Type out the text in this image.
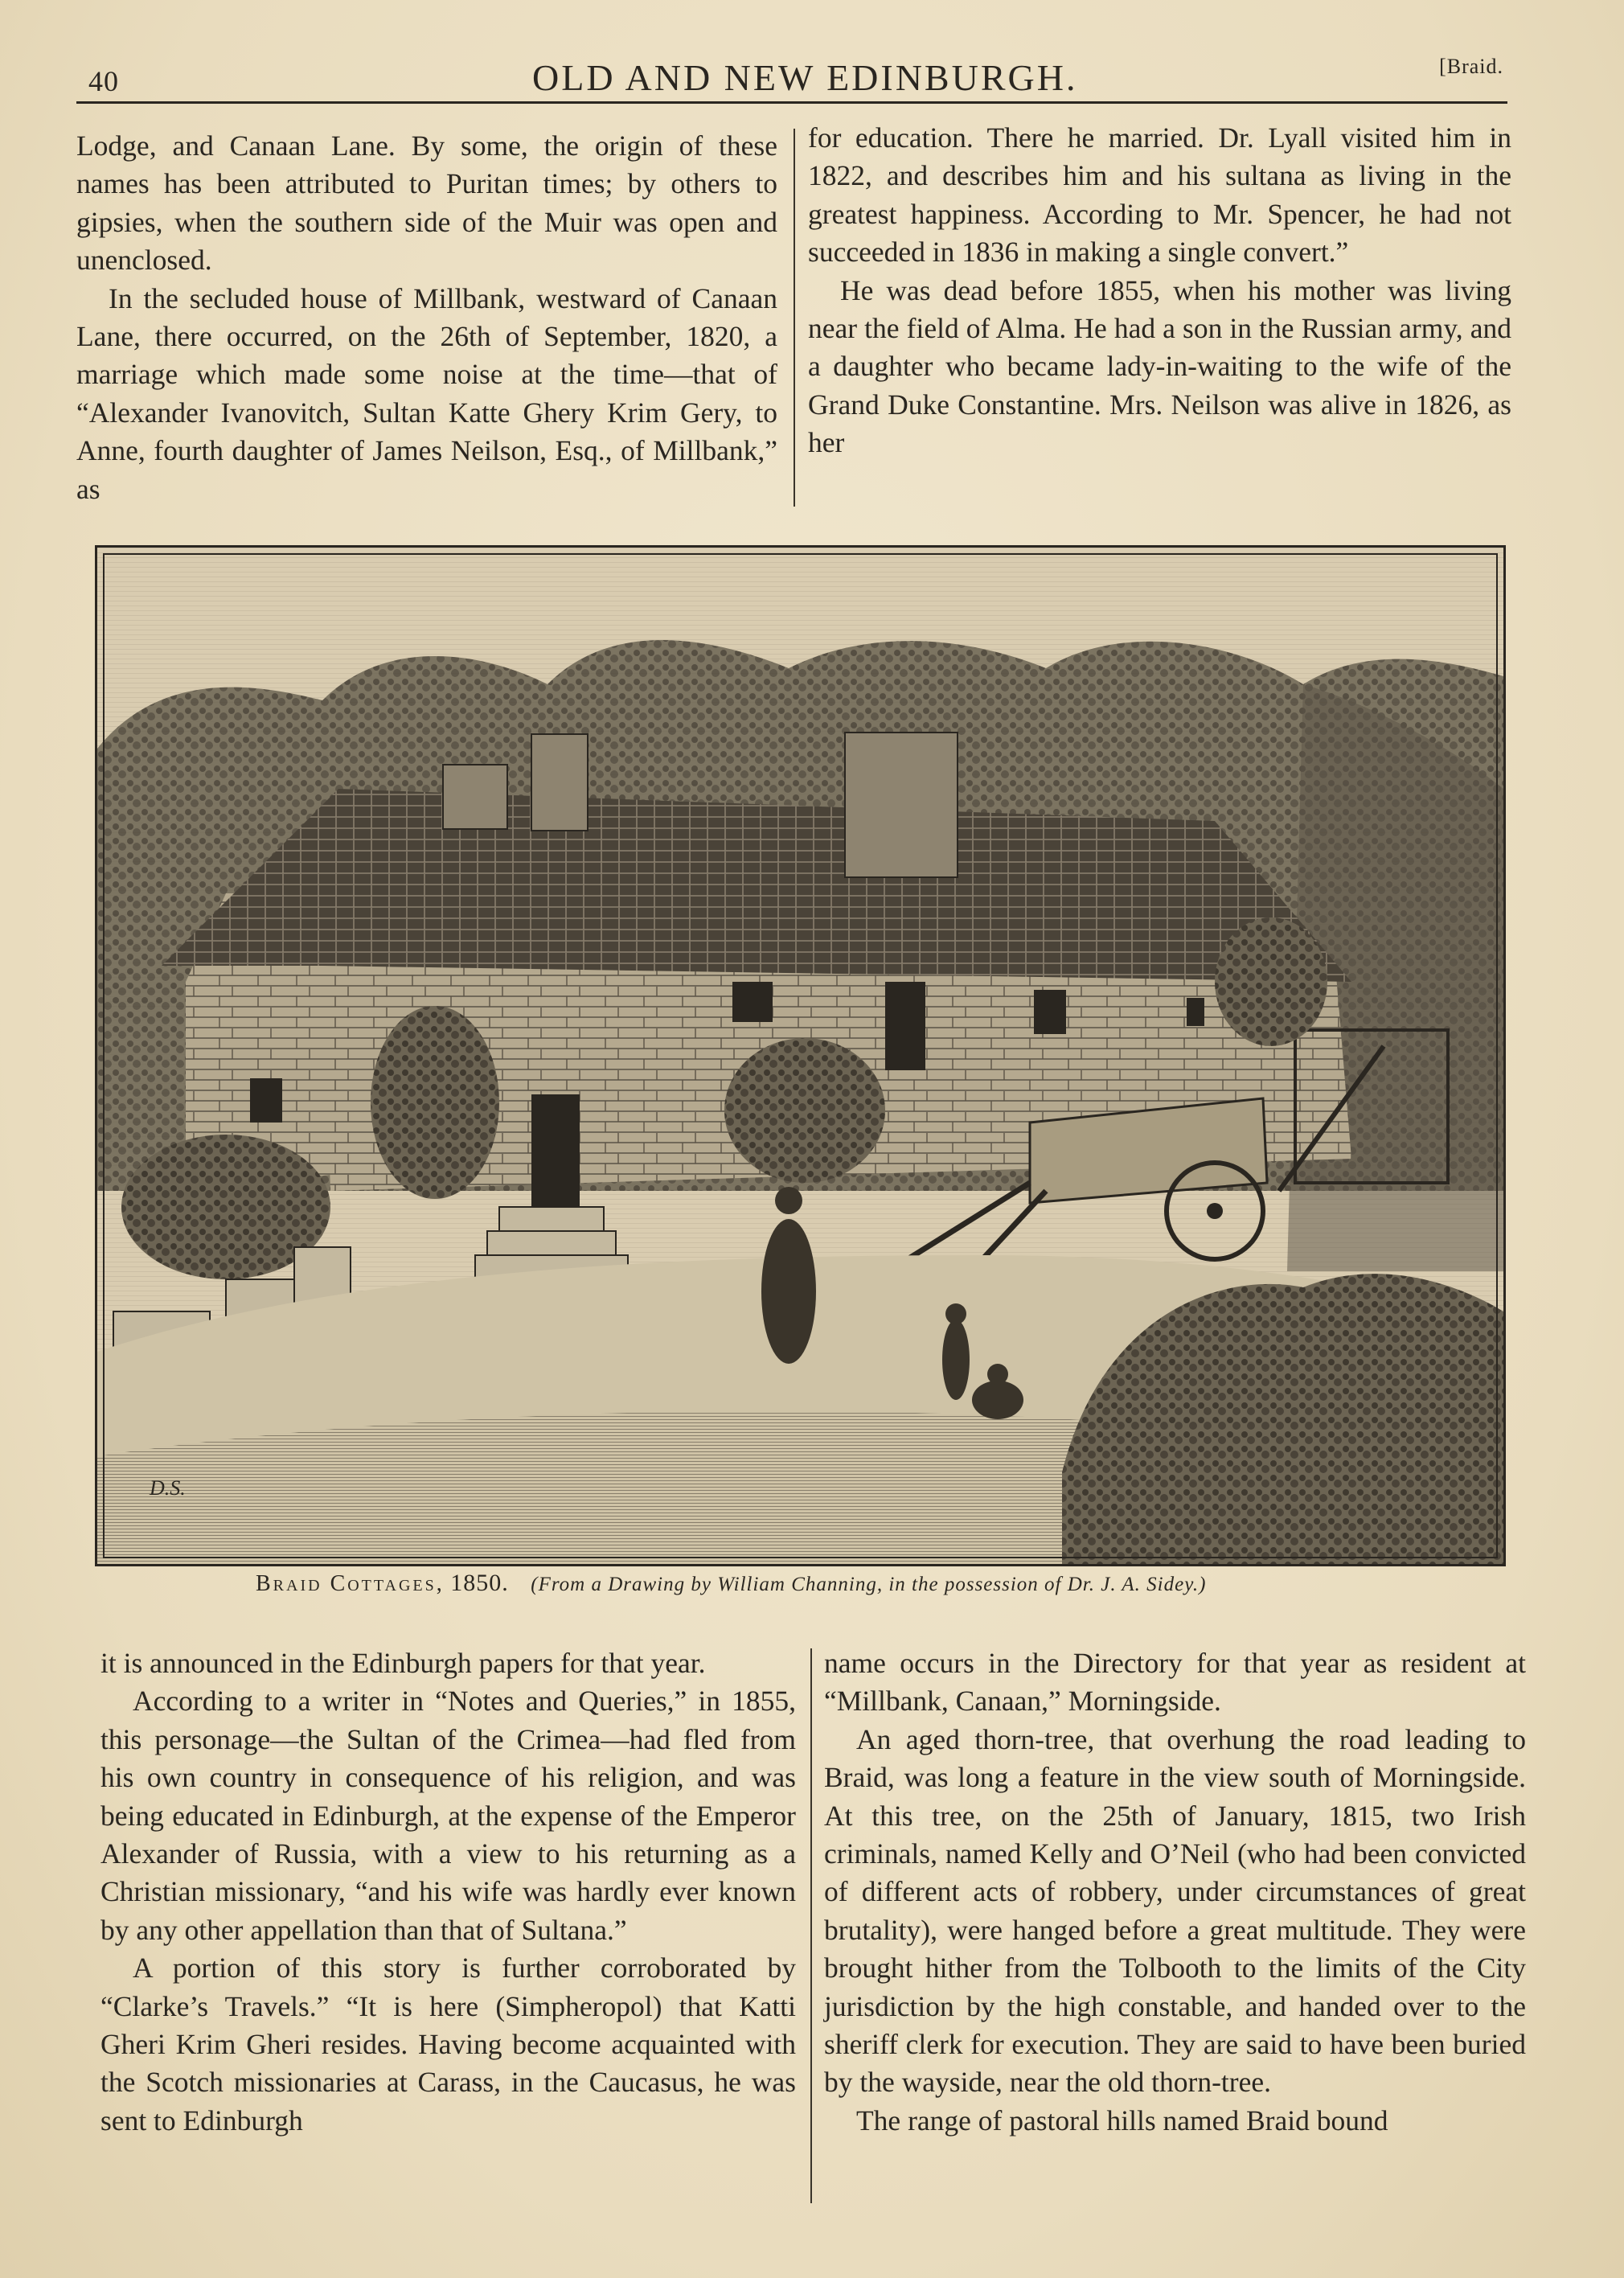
40	OLD AND NEW EDINBURGH.	[Braid.

Lodge, and Canaan Lane. By some, the origin of these names has been attributed to Puritan times; by others to gipsies, when the southern side of the Muir was open and unenclosed.

In the secluded house of Millbank, westward of Canaan Lane, there occurred, on the 26th of September, 1820, a marriage which made some noise at the time—that of “Alexander Ivanovitch, Sultan Katte Ghery Krim Gery, to Anne, fourth daughter of James Neilson, Esq., of Millbank,” as

for education. There he married. Dr. Lyall visited him in 1822, and describes him and his sultana as living in the greatest happiness. According to Mr. Spencer, he had not succeeded in 1836 in making a single convert.”

He was dead before 1855, when his mother was living near the field of Alma. He had a son in the Russian army, and a daughter who became lady-in-waiting to the wife of the Grand Duke Constantine. Mrs. Neilson was alive in 1826, as her

D.S.
Braid Cottages, 1850. (From a Drawing by William Channing, in the possession of Dr. J. A. Sidey.)

it is announced in the Edinburgh papers for that year.

According to a writer in “Notes and Queries,” in 1855, this personage—the Sultan of the Crimea—had fled from his own country in consequence of his religion, and was being educated in Edinburgh, at the expense of the Emperor Alexander of Russia, with a view to his returning as a Christian missionary, “and his wife was hardly ever known by any other appellation than that of Sultana.”

A portion of this story is further corroborated by “Clarke’s Travels.” “It is here (Simpheropol) that Katti Gheri Krim Gheri resides. Having become acquainted with the Scotch missionaries at Carass, in the Caucasus, he was sent to Edinburgh

name occurs in the Directory for that year as resident at “Millbank, Canaan,” Morningside.

An aged thorn-tree, that overhung the road leading to Braid, was long a feature in the view south of Morningside. At this tree, on the 25th of January, 1815, two Irish criminals, named Kelly and O’Neil (who had been convicted of different acts of robbery, under circumstances of great brutality), were hanged before a great multitude. They were brought hither from the Tolbooth to the limits of the City jurisdiction by the high constable, and handed over to the sheriff clerk for execution. They are said to have been buried by the wayside, near the old thorn-tree.

The range of pastoral hills named Braid bound
